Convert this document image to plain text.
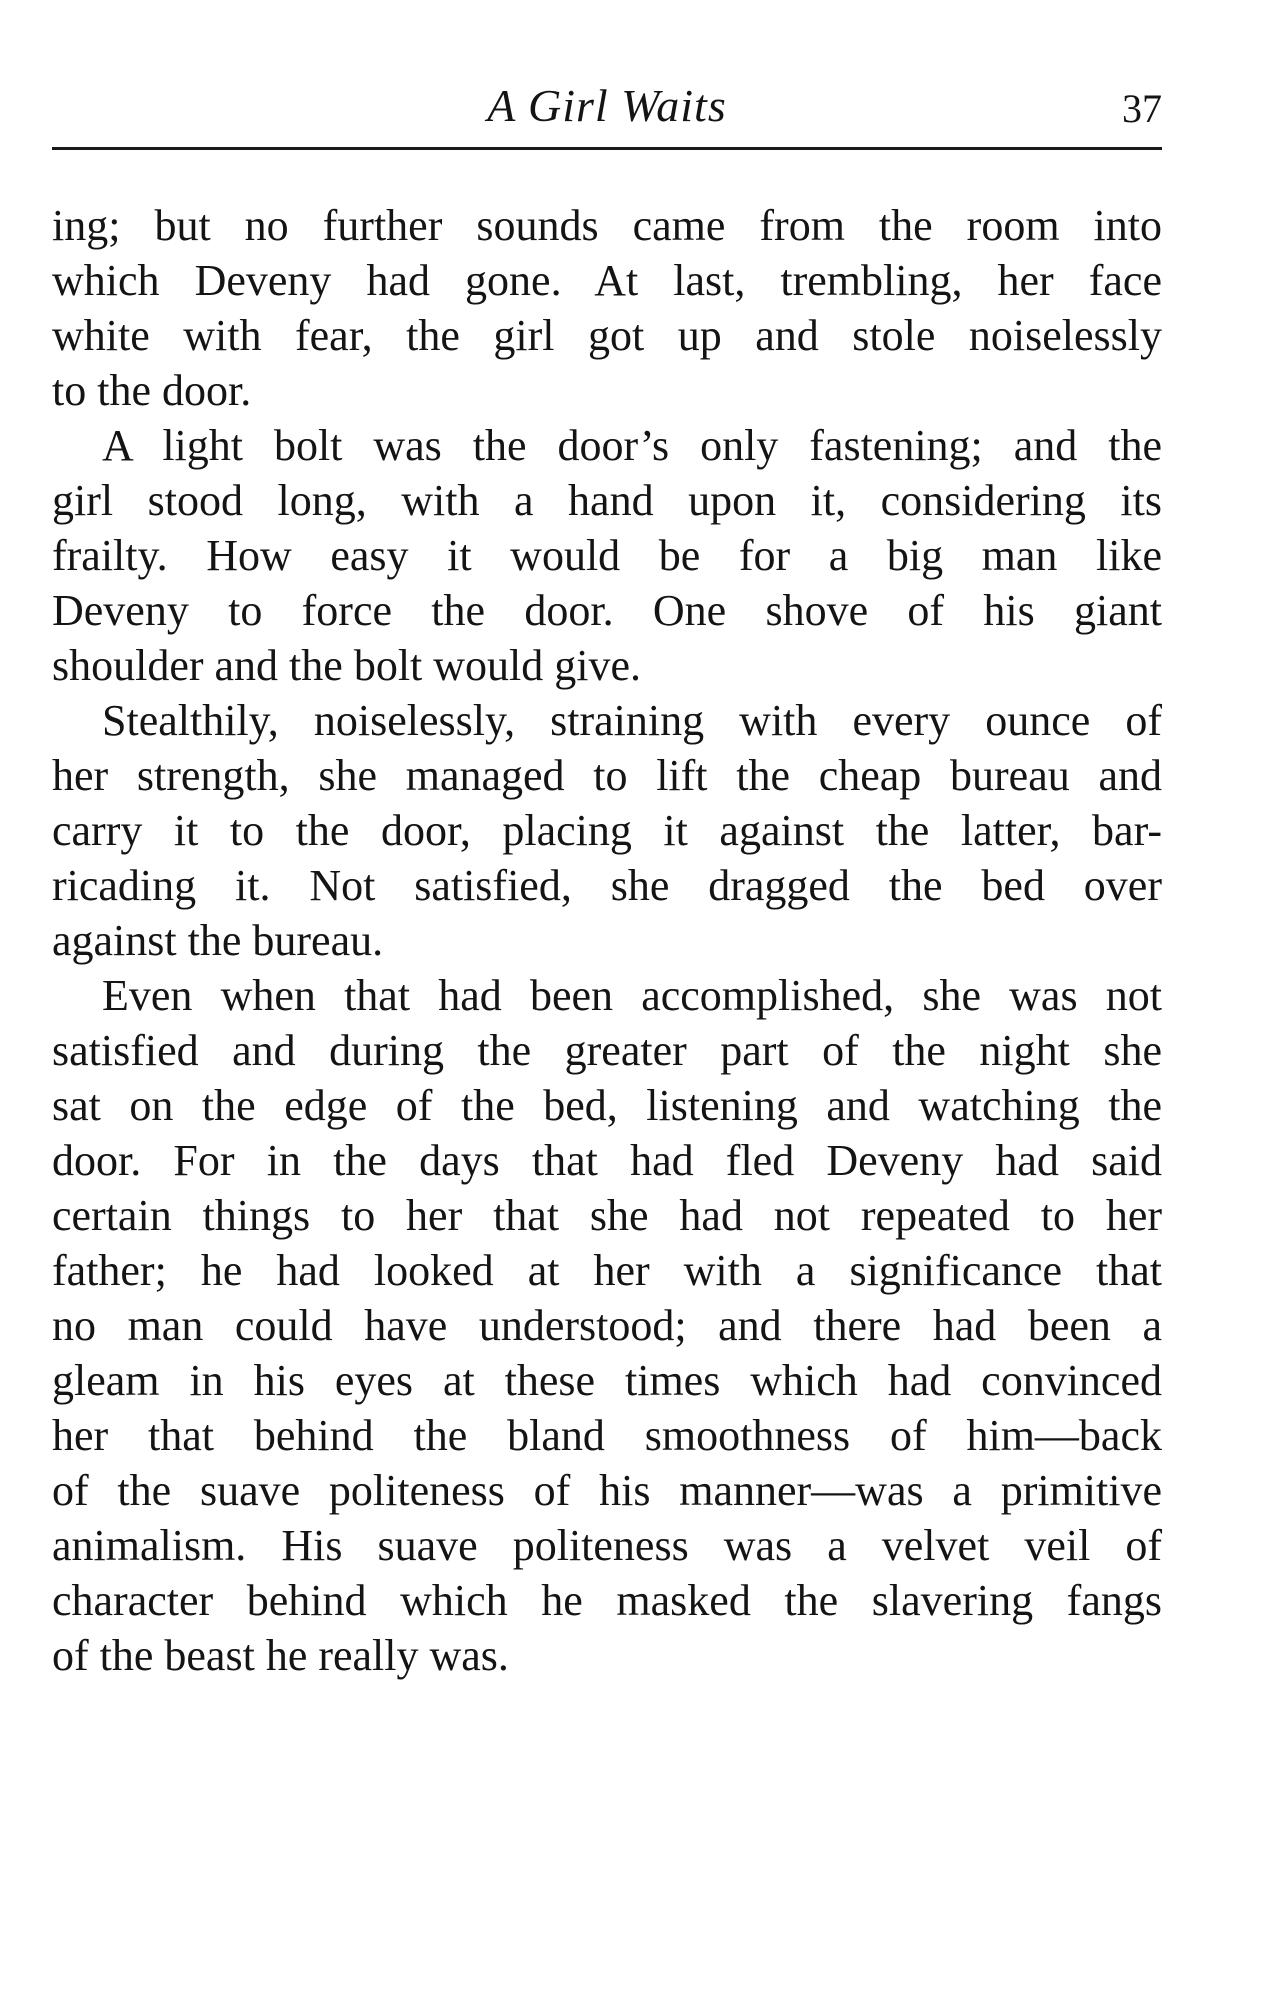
A Girl Waits	37
ing; but no further sounds came from the room into
which Deveny had gone. At last, trembling, her face
white with fear, the girl got up and stole noiselessly
to the door.
A light bolt was the door’s only fastening; and the
girl stood long, with a hand upon it, considering its
frailty. How easy it would be for a big man like
Deveny to force the door. One shove of his giant
shoulder and the bolt would give.
Stealthily, noiselessly, straining with every ounce of
her strength, she managed to lift the cheap bureau and
carry it to the door, placing it against the latter, bar-
ricading it. Not satisfied, she dragged the bed over
against the bureau.
Even when that had been accomplished, she was not
satisfied and during the greater part of the night she
sat on the edge of the bed, listening and watching the
door. For in the days that had fled Deveny had said
certain things to her that she had not repeated to her
father; he had looked at her with a significance that
no man could have understood; and there had been a
gleam in his eyes at these times which had convinced
her that behind the bland smoothness of him—back
of the suave politeness of his manner—was a primitive
animalism. His suave politeness was a velvet veil of
character behind which he masked the slavering fangs
of the beast he really was.
